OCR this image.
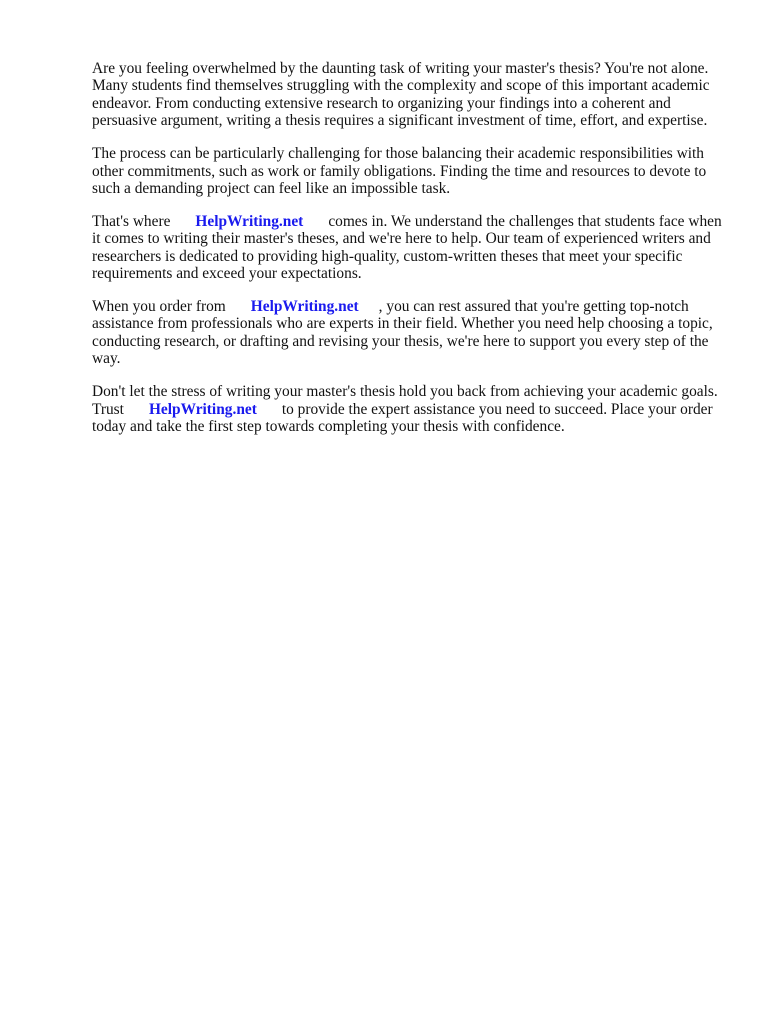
Are you feeling overwhelmed by the daunting task of writing your master's thesis? You're not alone. Many students find themselves struggling with the complexity and scope of this important academic endeavor. From conducting extensive research to organizing your findings into a coherent and persuasive argument, writing a thesis requires a significant investment of time, effort, and expertise.

The process can be particularly challenging for those balancing their academic responsibilities with other commitments, such as work or family obligations. Finding the time and resources to devote to such a demanding project can feel like an impossible task.

That's where HelpWriting.net comes in. We understand the challenges that students face when it comes to writing their master's theses, and we're here to help. Our team of experienced writers and researchers is dedicated to providing high-quality, custom-written theses that meet your specific requirements and exceed your expectations.

When you order from HelpWriting.net , you can rest assured that you're getting top-notch assistance from professionals who are experts in their field. Whether you need help choosing a topic, conducting research, or drafting and revising your thesis, we're here to support you every step of the way.

Don't let the stress of writing your master's thesis hold you back from achieving your academic goals. Trust HelpWriting.net to provide the expert assistance you need to succeed. Place your order today and take the first step towards completing your thesis with confidence.
